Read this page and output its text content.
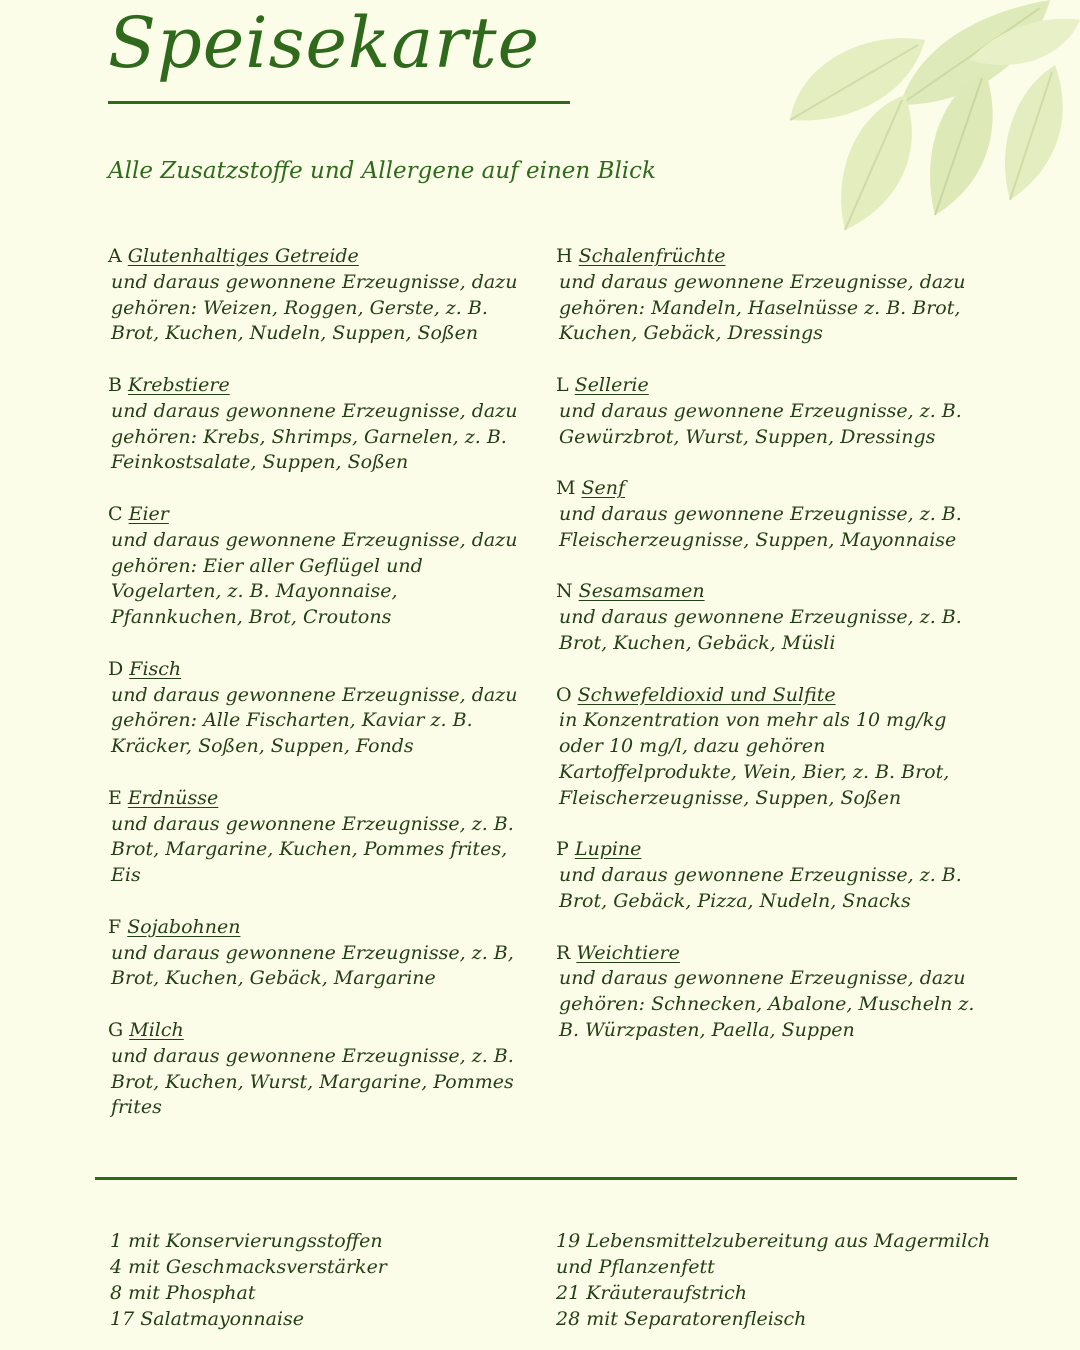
Speisekarte
Alle Zusatzstoffe und Allergene auf einen Blick
A Glutenhaltiges Getreide
und daraus gewonnene Erzeugnisse, dazu gehören: Weizen, Roggen, Gerste, z. B. Brot, Kuchen, Nudeln, Suppen, Soßen
B Krebstiere
und daraus gewonnene Erzeugnisse, dazu gehören: Krebs, Shrimps, Garnelen, z. B. Feinkostsalate, Suppen, Soßen
C Eier
und daraus gewonnene Erzeugnisse, dazu gehören: Eier aller Geflügel und Vogelarten, z. B. Mayonnaise, Pfannkuchen, Brot, Croutons
D Fisch
und daraus gewonnene Erzeugnisse, dazu gehören: Alle Fischarten, Kaviar z. B. Kräcker, Soßen, Suppen, Fonds
E Erdnüsse
und daraus gewonnene Erzeugnisse, z. B. Brot, Margarine, Kuchen, Pommes frites, Eis
F Sojabohnen
und daraus gewonnene Erzeugnisse, z. B, Brot, Kuchen, Gebäck, Margarine
G Milch
und daraus gewonnene Erzeugnisse, z. B. Brot, Kuchen, Wurst, Margarine, Pommes frites
H Schalenfrüchte
und daraus gewonnene Erzeugnisse, dazu gehören: Mandeln, Haselnüsse z. B. Brot, Kuchen, Gebäck, Dressings
L Sellerie
und daraus gewonnene Erzeugnisse, z. B. Gewürzbrot, Wurst, Suppen, Dressings
M Senf
und daraus gewonnene Erzeugnisse, z. B. Fleischerzeugnisse, Suppen, Mayonnaise
N Sesamsamen
und daraus gewonnene Erzeugnisse, z. B. Brot, Kuchen, Gebäck, Müsli
O Schwefeldioxid und Sulfite
in Konzentration von mehr als 10 mg/kg oder 10 mg/l, dazu gehören Kartoffelprodukte, Wein, Bier, z. B. Brot, Fleischerzeugnisse, Suppen, Soßen
P Lupine
und daraus gewonnene Erzeugnisse, z. B. Brot, Gebäck, Pizza, Nudeln, Snacks
R Weichtiere
und daraus gewonnene Erzeugnisse, dazu gehören: Schnecken, Abalone, Muscheln z. B. Würzpasten, Paella, Suppen
1 mit Konservierungsstoffen
4 mit Geschmacksverstärker
8 mit Phosphat
17 Salatmayonnaise
19 Lebensmittelzubereitung aus Magermilch und Pflanzenfett
21 Kräuteraufstrich
28 mit Separatorenfleisch
